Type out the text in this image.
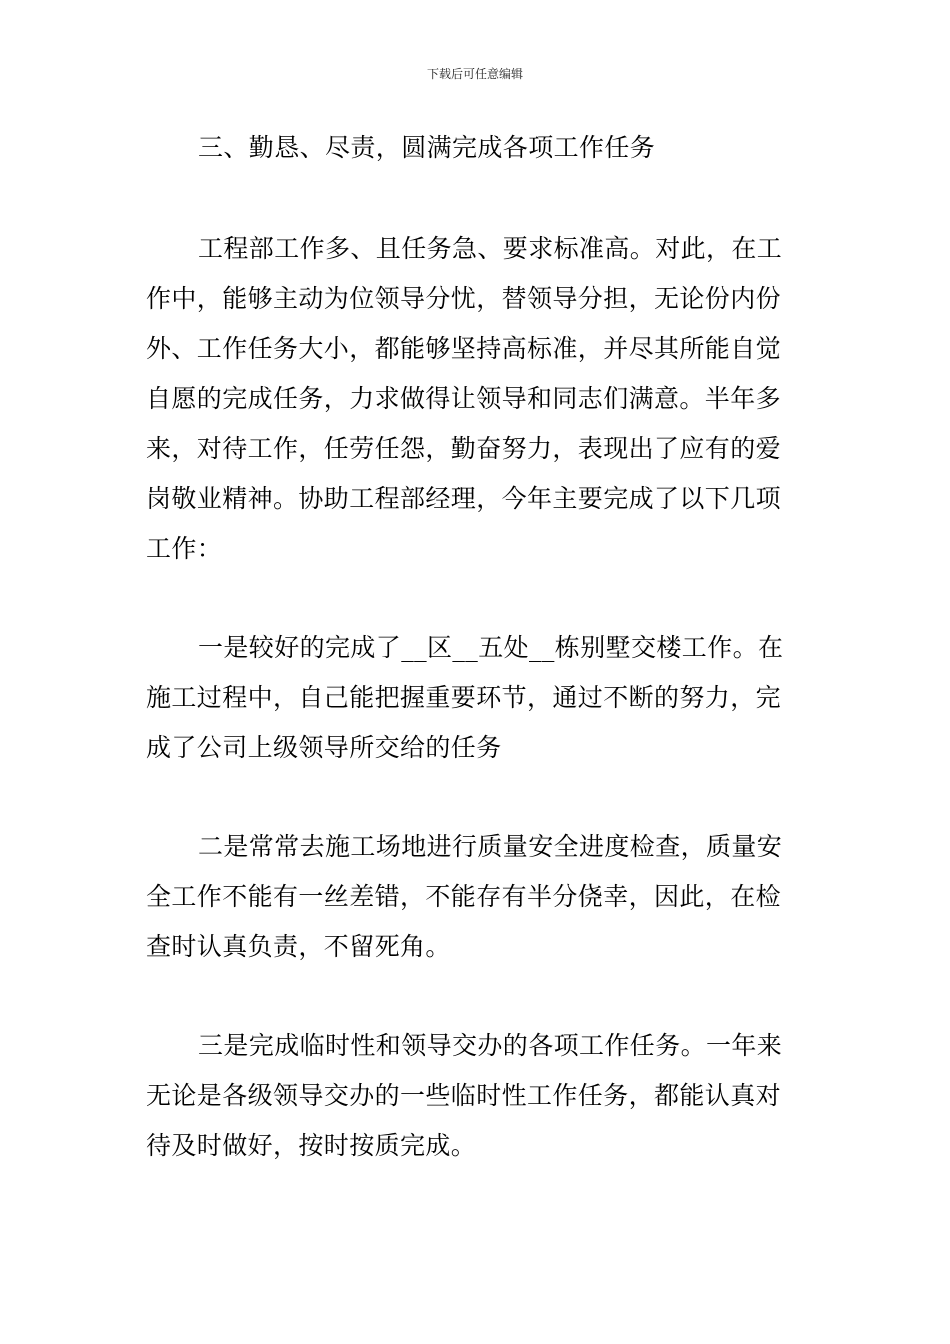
下载后可任意编辑
三、勤恳、尽责，圆满完成各项工作任务
工程部工作多、且任务急、要求标准高。对此，在工
作中，能够主动为位领导分忧，替领导分担，无论份内份
外、工作任务大小，都能够坚持高标准，并尽其所能自觉
自愿的完成任务，力求做得让领导和同志们满意。半年多
来，对待工作，任劳任怨，勤奋努力，表现出了应有的爱
岗敬业精神。协助工程部经理，今年主要完成了以下几项
工作：
一是较好的完成了__区__五处__栋别墅交楼工作。在
施工过程中，自己能把握重要环节，通过不断的努力，完
成了公司上级领导所交给的任务
二是常常去施工场地进行质量安全进度检查，质量安
全工作不能有一丝差错，不能存有半分侥幸，因此，在检
查时认真负责，不留死角。
三是完成临时性和领导交办的各项工作任务。一年来
无论是各级领导交办的一些临时性工作任务，都能认真对
待及时做好，按时按质完成。
